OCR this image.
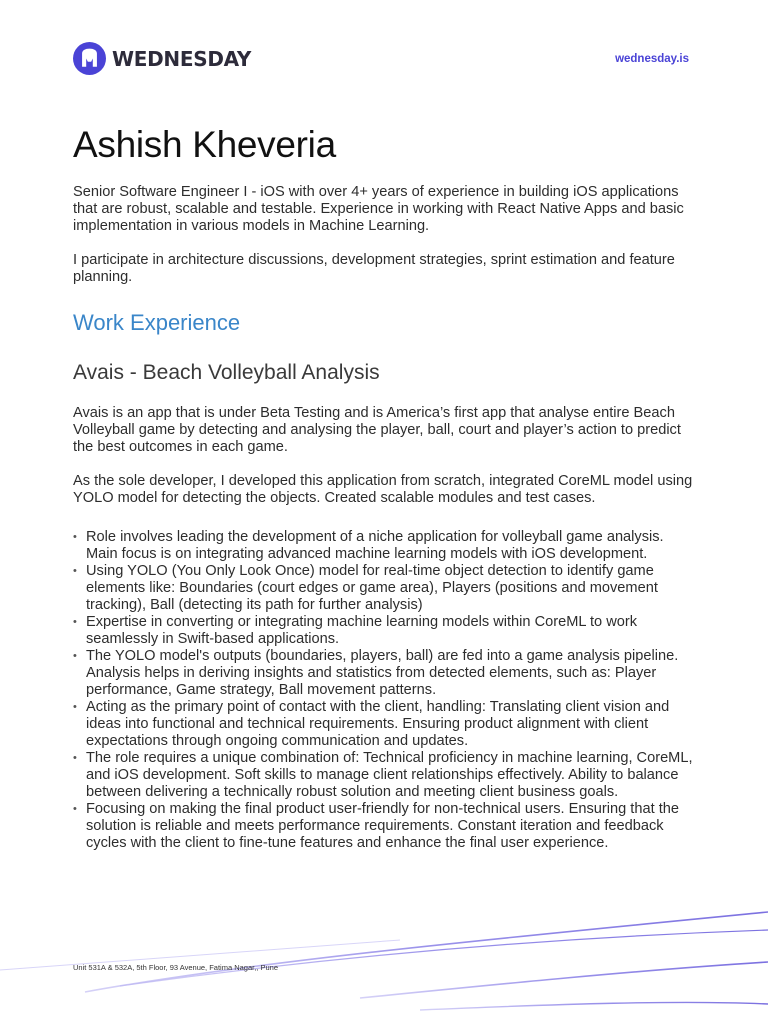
WEDNESDAY	wednesday.is
Ashish Kheveria

Senior Software Engineer I - iOS with over 4+ years of experience in building iOS applications that are robust, scalable and testable. Experience in working with React Native Apps and basic implementation in various models in Machine Learning.

I participate in architecture discussions, development strategies, sprint estimation and feature planning.

Work Experience
Avais - Beach Volleyball Analysis

Avais is an app that is under Beta Testing and is America’s first app that analyse entire Beach Volleyball game by detecting and analysing the player, ball, court and player’s action to predict the best outcomes in each game.

As the sole developer, I developed this application from scratch, integrated CoreML model using YOLO model for detecting the objects. Created scalable modules and test cases.

• Role involves leading the development of a niche application for volleyball game analysis. Main focus is on integrating advanced machine learning models with iOS development.
• Using YOLO (You Only Look Once) model for real-time object detection to identify game elements like: Boundaries (court edges or game area), Players (positions and movement tracking), Ball (detecting its path for further analysis)
• Expertise in converting or integrating machine learning models within CoreML to work seamlessly in Swift-based applications.
• The YOLO model's outputs (boundaries, players, ball) are fed into a game analysis pipeline. Analysis helps in deriving insights and statistics from detected elements, such as: Player performance, Game strategy, Ball movement patterns.
• Acting as the primary point of contact with the client, handling: Translating client vision and ideas into functional and technical requirements. Ensuring product alignment with client expectations through ongoing communication and updates.
• The role requires a unique combination of: Technical proficiency in machine learning, CoreML, and iOS development. Soft skills to manage client relationships effectively. Ability to balance between delivering a technically robust solution and meeting client business goals.
• Focusing on making the final product user-friendly for non-technical users. Ensuring that the solution is reliable and meets performance requirements. Constant iteration and feedback cycles with the client to fine-tune features and enhance the final user experience.
Unit 531A & 532A, 5th Floor, 93 Avenue, Fatima Nagar,, Pune
